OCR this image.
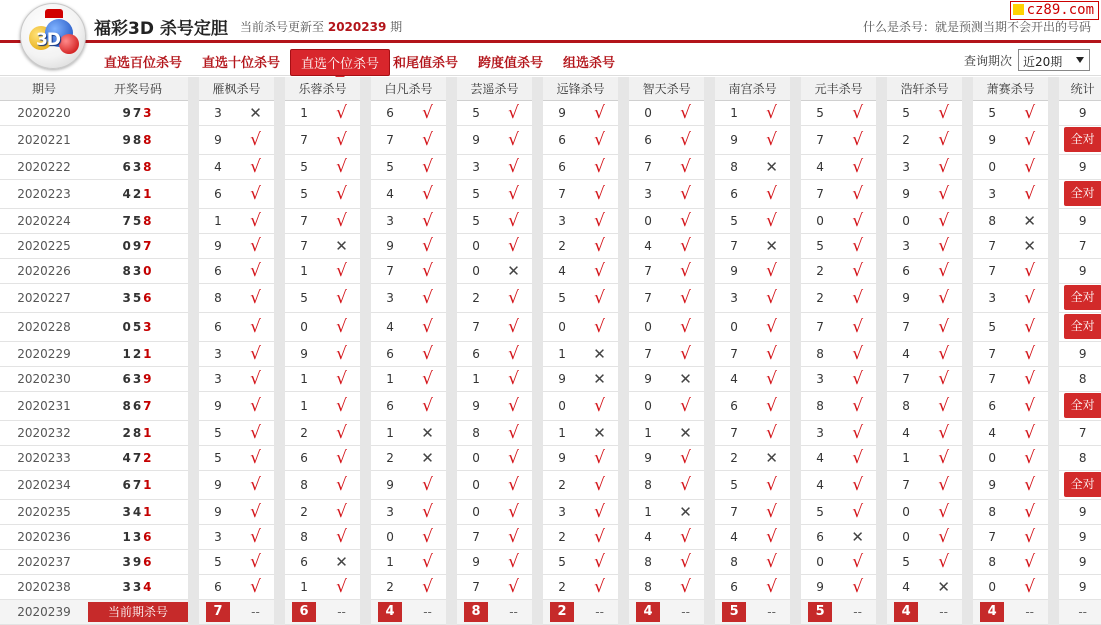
3D
福彩3D 杀号定胆 当前杀号更新至 2020239 期	什么是杀号：就是预测当期不会开出的号码
cz89.com
直选百位杀号 直选十位杀号	直选个位杀号	和尾值杀号 跨度值杀号 组选杀号	查询期次 近20期
期号	开奖号码		雁枫杀号			乐蓉杀号			白凡杀号			芸遥杀号			远锋杀号			智天杀号			南宫杀号			元丰杀号			浩轩杀号			萧赛杀号			统计
2020220	973		3	✕		1	√		6	√		5	√		9	√		0	√		1	√		5	√		5	√		5	√		9
2020221	988		9	√		7	√		7	√		9	√		6	√		6	√		9	√		7	√		2	√		9	√		全对
2020222	638		4	√		5	√		5	√		3	√		6	√		7	√		8	✕		4	√		3	√		0	√		9
2020223	421		6	√		5	√		4	√		5	√		7	√		3	√		6	√		7	√		9	√		3	√		全对
2020224	758		1	√		7	√		3	√		5	√		3	√		0	√		5	√		0	√		0	√		8	✕		9
2020225	097		9	√		7	✕		9	√		0	√		2	√		4	√		7	✕		5	√		3	√		7	✕		7
2020226	830		6	√		1	√		7	√		0	✕		4	√		7	√		9	√		2	√		6	√		7	√		9
2020227	356		8	√		5	√		3	√		2	√		5	√		7	√		3	√		2	√		9	√		3	√		全对
2020228	053		6	√		0	√		4	√		7	√		0	√		0	√		0	√		7	√		7	√		5	√		全对
2020229	121		3	√		9	√		6	√		6	√		1	✕		7	√		7	√		8	√		4	√		7	√		9
2020230	639		3	√		1	√		1	√		1	√		9	✕		9	✕		4	√		3	√		7	√		7	√		8
2020231	867		9	√		1	√		6	√		9	√		0	√		0	√		6	√		8	√		8	√		6	√		全对
2020232	281		5	√		2	√		1	✕		8	√		1	✕		1	✕		7	√		3	√		4	√		4	√		7
2020233	472		5	√		6	√		2	✕		0	√		9	√		9	√		2	✕		4	√		1	√		0	√		8
2020234	671		9	√		8	√		9	√		0	√		2	√		8	√		5	√		4	√		7	√		9	√		全对
2020235	341		9	√		2	√		3	√		0	√		3	√		1	✕		7	√		5	√		0	√		8	√		9
2020236	136		3	√		8	√		0	√		7	√		2	√		4	√		4	√		6	✕		0	√		7	√		9
2020237	396		5	√		6	✕		1	√		9	√		5	√		8	√		8	√		0	√		5	√		8	√		9
2020238	334		6	√		1	√		2	√		7	√		2	√		8	√		6	√		9	√		4	✕		0	√		9
2020239	当前期杀号		7	--		6	--		4	--		8	--		2	--		4	--		5	--		5	--		4	--		4	--		--
